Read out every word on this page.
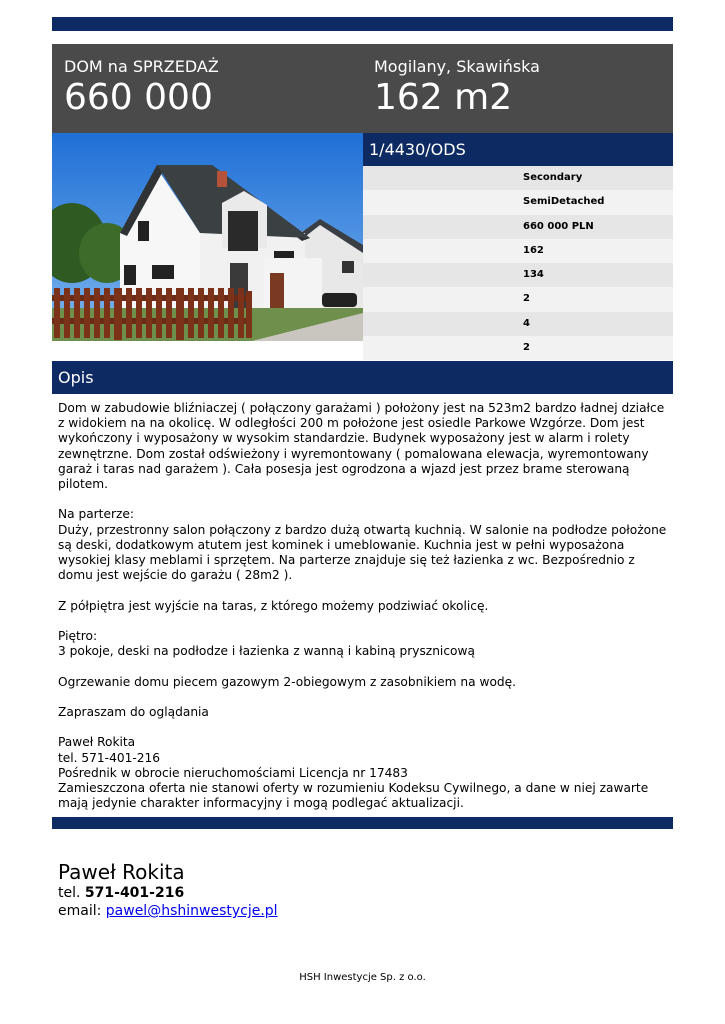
DOM na SPRZEDAŻ
660 000
Mogilany, Skawińska
162 m2
1/4430/ODS
Secondary
SemiDetached
660 000 PLN
162
134
2
4
2
Opis
Dom w zabudowie bliźniaczej ( połączony garażami ) położony jest na 523m2 bardzo ładnej działce
z widokiem na na okolicę. W odległości 200 m położone jest osiedle Parkowe Wzgórze. Dom jest
wykończony i wyposażony w wysokim standardzie. Budynek wyposażony jest w alarm i rolety
zewnętrzne. Dom został odświeżony i wyremontowany ( pomalowana elewacja, wyremontowany
garaż i taras nad garażem ). Cała posesja jest ogrodzona a wjazd jest przez brame sterowaną
pilotem.

Na parterze:
Duży, przestronny salon połączony z bardzo dużą otwartą kuchnią. W salonie na podłodze położone
są deski, dodatkowym atutem jest kominek i umeblowanie. Kuchnia jest w pełni wyposażona
wysokiej klasy meblami i sprzętem. Na parterze znajduje się też łazienka z wc. Bezpośrednio z
domu jest wejście do garażu ( 28m2 ).

Z półpiętra jest wyjście na taras, z którego możemy podziwiać okolicę.

Piętro:
3 pokoje, deski na podłodze i łazienka z wanną i kabiną prysznicową

Ogrzewanie domu piecem gazowym 2-obiegowym z zasobnikiem na wodę.

Zapraszam do oglądania

Paweł Rokita
tel. 571-401-216
Pośrednik w obrocie nieruchomościami Licencja nr 17483
Zamieszczona oferta nie stanowi oferty w rozumieniu Kodeksu Cywilnego, a dane w niej zawarte
mają jedynie charakter informacyjny i mogą podlegać aktualizacji.
Paweł Rokita
tel. 571-401-216
email: pawel@hshinwestycje.pl
HSH Inwestycje Sp. z o.o.
